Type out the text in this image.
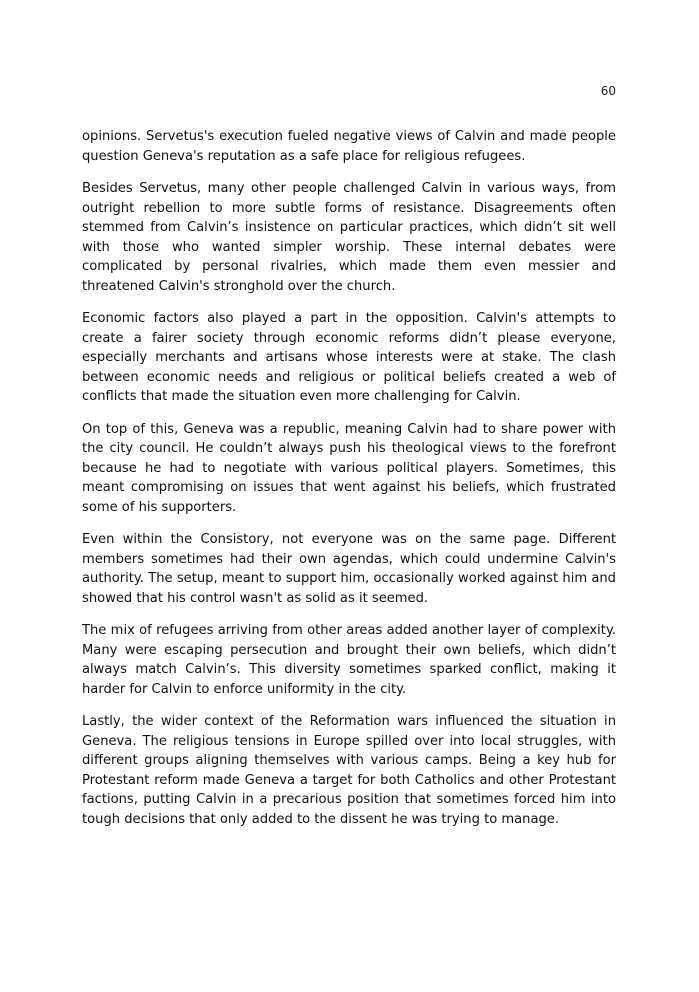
60

opinions. Servetus's execution fueled negative views of Calvin and made people question Geneva's reputation as a safe place for religious refugees.

Besides Servetus, many other people challenged Calvin in various ways, from outright rebellion to more subtle forms of resistance. Disagreements often stemmed from Calvin’s insistence on particular practices, which didn’t sit well with those who wanted simpler worship. These internal debates were complicated by personal rivalries, which made them even messier and threatened Calvin's stronghold over the church.

Economic factors also played a part in the opposition. Calvin's attempts to create a fairer society through economic reforms didn’t please everyone, especially merchants and artisans whose interests were at stake. The clash between economic needs and religious or political beliefs created a web of conflicts that made the situation even more challenging for Calvin.

On top of this, Geneva was a republic, meaning Calvin had to share power with the city council. He couldn’t always push his theological views to the forefront because he had to negotiate with various political players. Sometimes, this meant compromising on issues that went against his beliefs, which frustrated some of his supporters.

Even within the Consistory, not everyone was on the same page. Different members sometimes had their own agendas, which could undermine Calvin's authority. The setup, meant to support him, occasionally worked against him and showed that his control wasn't as solid as it seemed.

The mix of refugees arriving from other areas added another layer of complexity. Many were escaping persecution and brought their own beliefs, which didn’t always match Calvin’s. This diversity sometimes sparked conflict, making it harder for Calvin to enforce uniformity in the city.

Lastly, the wider context of the Reformation wars influenced the situation in Geneva. The religious tensions in Europe spilled over into local struggles, with different groups aligning themselves with various camps. Being a key hub for Protestant reform made Geneva a target for both Catholics and other Protestant factions, putting Calvin in a precarious position that sometimes forced him into tough decisions that only added to the dissent he was trying to manage.
